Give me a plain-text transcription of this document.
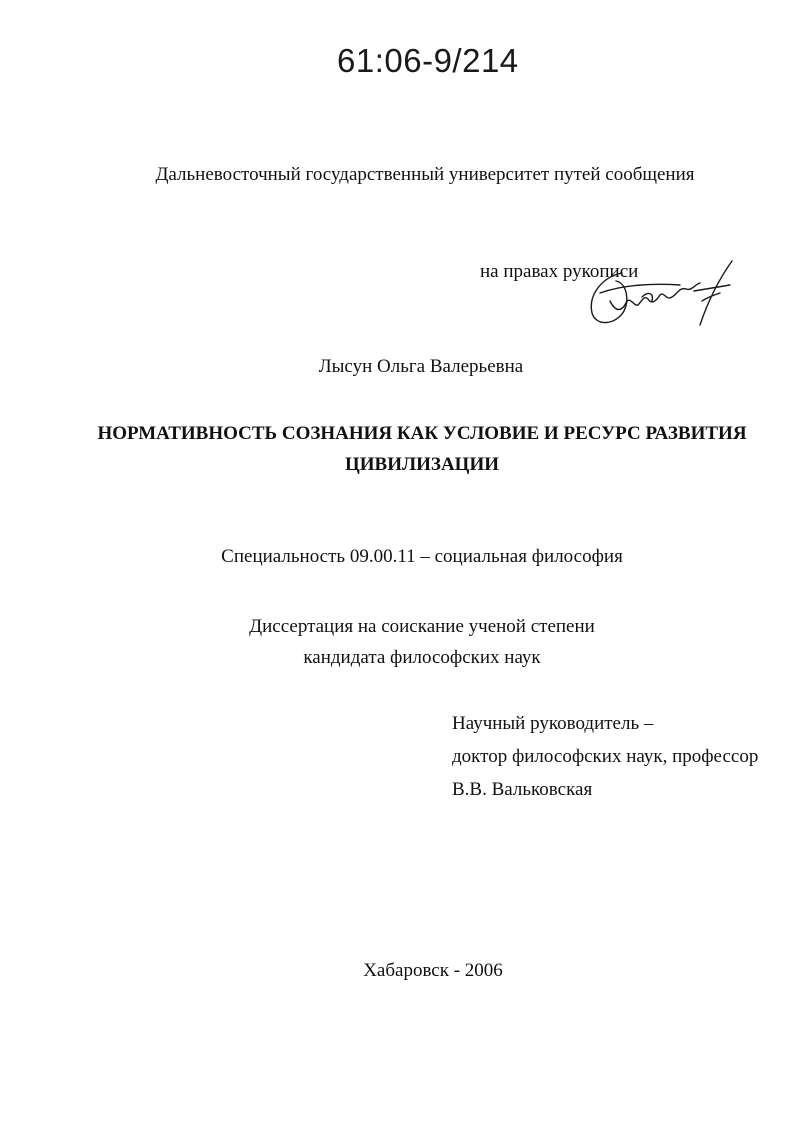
61:06-9/214
Дальневосточный государственный университет путей сообщения
на правах рукописи
Лысун Ольга Валерьевна
НОРМАТИВНОСТЬ СОЗНАНИЯ КАК УСЛОВИЕ И РЕСУРС РАЗВИТИЯ
ЦИВИЛИЗАЦИИ
Специальность 09.00.11 – социальная философия
Диссертация на соискание ученой степени
кандидата философских наук
Научный руководитель –
доктор философских наук, профессор
В.В. Вальковская
Хабаровск - 2006
